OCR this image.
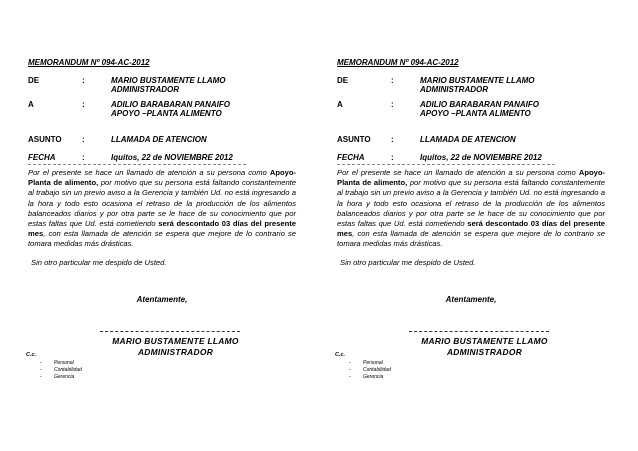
MEMORANDUM Nº 094-AC-2012
DE	:	MARIO BUSTAMENTE LLAMO
ADMINISTRADOR
A	:	ADILIO BARABARAN PANAIFO
APOYO –PLANTA ALIMENTO
ASUNTO	:	LLAMADA DE ATENCION
FECHA	:	Iquitos, 22 de NOVIEMBRE 2012
Por el presente se hace un llamado de atención a su persona como Apoyo-Planta de alimento, por motivo que su persona está faltando constantemente al trabajo sin un previo aviso a la Gerencia y también Ud. no está ingresando a la hora y todo esto ocasiona el retraso de la producción de los alimentos balanceados diarios y por otra parte se le hace de su conocimiento que por estas faltas que Ud. está cometiendo será descontado 03 días del presente mes, con esta llamada de atención se espera que mejore de lo contrario se tomara medidas más drásticas.
Sin otro particular me despido de Usted.
Atentamente,
MARIO BUSTAMENTE LLAMO
ADMINISTRADOR
C.c.
- Personal
- Contabilidad
- Gerencia
MEMORANDUM Nº 094-AC-2012
DE	:	MARIO BUSTAMENTE LLAMO
ADMINISTRADOR
A	:	ADILIO BARABARAN PANAIFO
APOYO –PLANTA ALIMENTO
ASUNTO	:	LLAMADA DE ATENCION
FECHA	:	Iquitos, 22 de NOVIEMBRE 2012
Por el presente se hace un llamado de atención a su persona como Apoyo-Planta de alimento, por motivo que su persona está faltando constantemente al trabajo sin un previo aviso a la Gerencia y también Ud. no está ingresando a la hora y todo esto ocasiona el retraso de la producción de los alimentos balanceados diarios y por otra parte se le hace de su conocimiento que por estas faltas que Ud. está cometiendo será descontado 03 días del presente mes, con esta llamada de atención se espera que mejore de lo contrario se tomara medidas más drásticas.
Sin otro particular me despido de Usted.
Atentamente,
MARIO BUSTAMENTE LLAMO
ADMINISTRADOR
C.c.
- Personal
- Contabilidad
- Gerencia
